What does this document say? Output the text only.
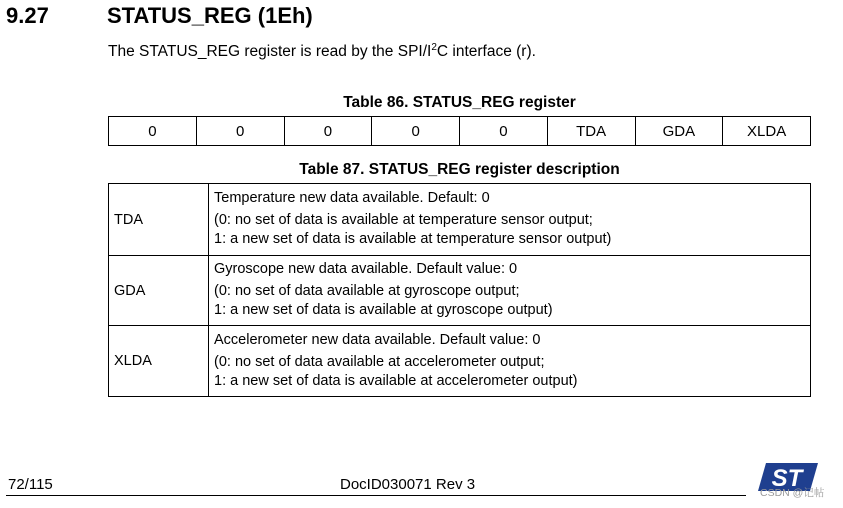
9.27	STATUS_REG (1Eh)
The STATUS_REG register is read by the SPI/$I^2C$ interface (r).
Table 86. STATUS_REG register
0	0	0	0	0	TDA	GDA	XLDA
Table 87. STATUS_REG register description
TDA	Temperature new data available. Default: 0
(0: no set of data is available at temperature sensor output;
1: a new set of data is available at temperature sensor output)

GDA	Gyroscope new data available. Default value: 0
(0: no set of data available at gyroscope output;
1: a new set of data is available at gyroscope output)

XLDA	Accelerometer new data available. Default value: 0
(0: no set of data available at accelerometer output;
1: a new set of data is available at accelerometer output)
72/115	DocID030071 Rev 3	ST
CSDN @记帖
